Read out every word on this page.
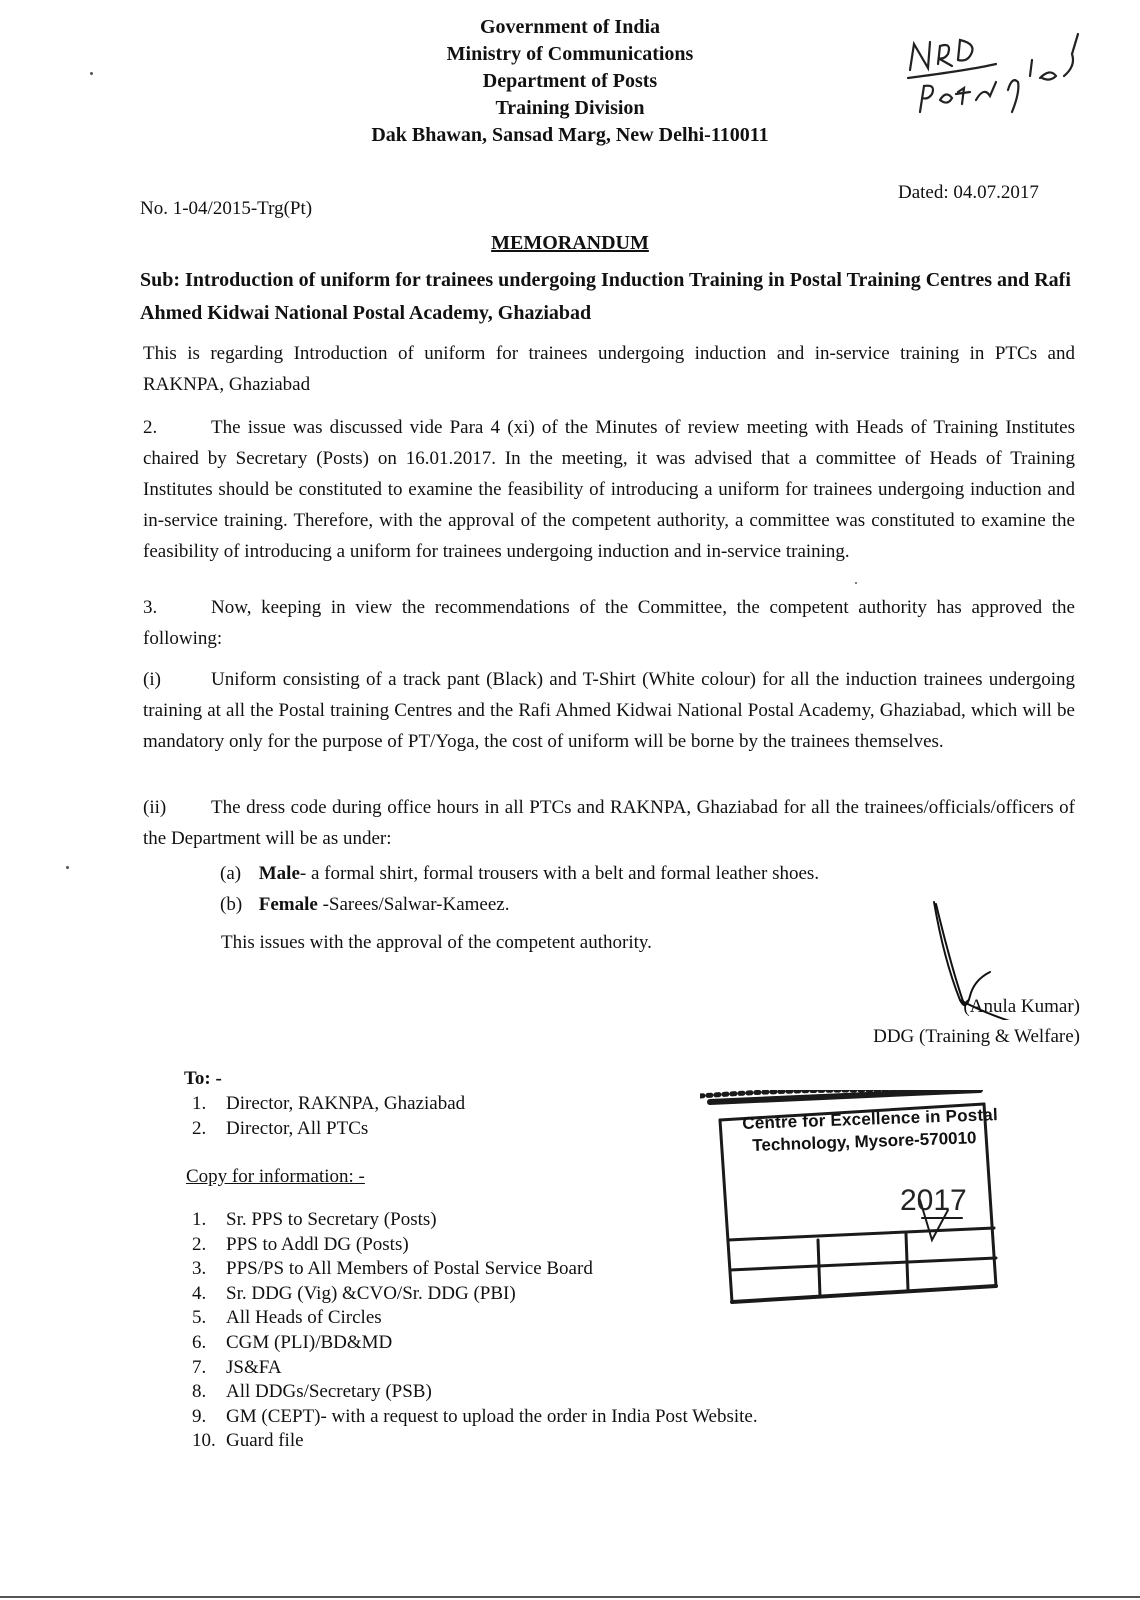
Government of India
Ministry of Communications
Department of Posts
Training Division
Dak Bhawan, Sansad Marg, New Delhi-110011
No. 1-04/2015-Trg(Pt)
Dated: 04.07.2017
MEMORANDUM
Sub: Introduction of uniform for trainees undergoing Induction Training in Postal Training Centres and Rafi Ahmed Kidwai National Postal Academy, Ghaziabad
This is regarding Introduction of uniform for trainees undergoing induction and in-service training in PTCs and RAKNPA, Ghaziabad
2.	The issue was discussed vide Para 4 (xi) of the Minutes of review meeting with Heads of Training Institutes chaired by Secretary (Posts) on 16.01.2017. In the meeting, it was advised that a committee of Heads of Training Institutes should be constituted to examine the feasibility of introducing a uniform for trainees undergoing induction and in-service training. Therefore, with the approval of the competent authority, a committee was constituted to examine the feasibility of introducing a uniform for trainees undergoing induction and in-service training.
3.	Now, keeping in view the recommendations of the Committee, the competent authority has approved the following:
(i)	Uniform consisting of a track pant (Black) and T-Shirt (White colour) for all the induction trainees undergoing training at all the Postal training Centres and the Rafi Ahmed Kidwai National Postal Academy, Ghaziabad, which will be mandatory only for the purpose of PT/Yoga, the cost of uniform will be borne by the trainees themselves.
(ii) The dress code during office hours in all PTCs and RAKNPA, Ghaziabad for all the trainees/officials/officers of the Department will be as under:
(a) Male- a formal shirt, formal trousers with a belt and formal leather shoes.
(b) Female -Sarees/Salwar-Kameez.
This issues with the approval of the competent authority.
(Anula Kumar)
DDG (Training & Welfare)
To: -
1. Director, RAKNPA, Ghaziabad
2. Director, All PTCs
Copy for information: -
1. Sr. PPS to Secretary (Posts)
2. PPS to Addl DG (Posts)
3. PPS/PS to All Members of Postal Service Board
4. Sr. DDG (Vig) &CVO/Sr. DDG (PBI)
5. All Heads of Circles
6. CGM (PLI)/BD&MD
7. JS&FA
8. All DDGs/Secretary (PSB)
9. GM (CEPT)- with a request to upload the order in India Post Website.
10. Guard file
Centre for Excellence in Postal
Technology, Mysore-570010
2017
